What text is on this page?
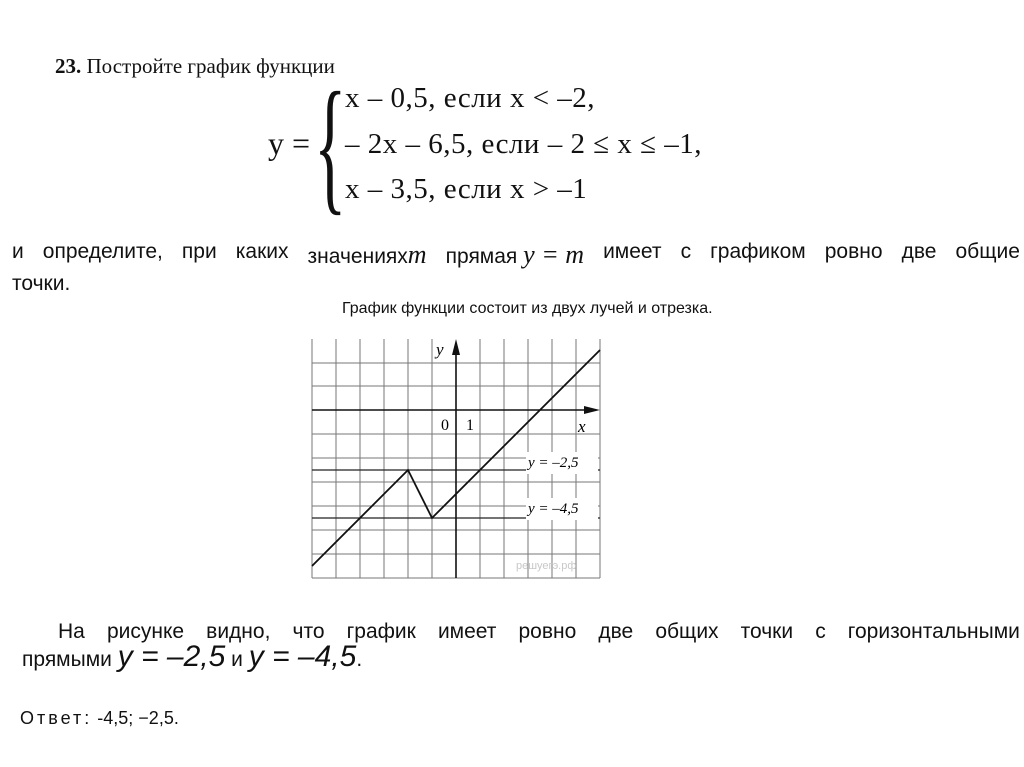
23. Постройте график функции
y = {
x – 0,5, если x < –2,
– 2x – 6,5, если – 2 ≤ x ≤ –1,
x – 3,5, если x > –1
и определите, при каких значенияхm прямая y = m имеет с графиком ровно две общие
точки.
График функции состоит из двух лучей и отрезка.
y
x
0 1
y = –2,5
y = –4,5
решуегэ.рф
На рисунке видно, что график имеет ровно две общих точки с горизонтальными
прямыми y = –2,5 и y = –4,5.
Ответ: -4,5; −2,5.
